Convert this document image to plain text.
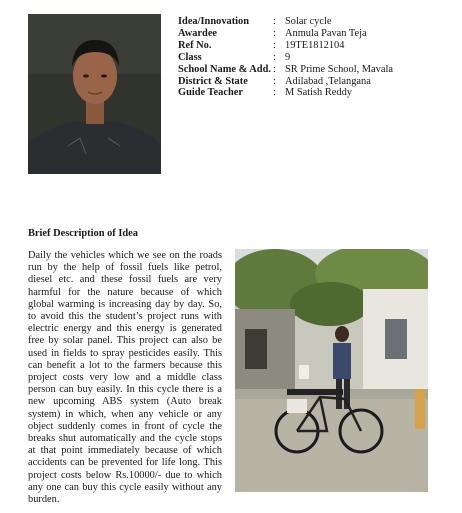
Idea/Innovation	: Solar cycle
Awardee	: Anmula Pavan Teja
Ref No.	: 19TE1812104
Class	: 9
School Name & Add. : SR Prime School, Mavala
District & State	: Adilabad ,Telangana
Guide Teacher	: M Satish Reddy
Brief Description of Idea

Daily the vehicles which we see on the roads run by the help of fossil fuels like petrol, diesel etc. and these fossil fuels are very harmful for the nature because of which global warming is increasing day by day. So, to avoid this the student’s project runs with electric energy and this energy is generated free by solar panel. This project can also be used in fields to spray pesticides easily. This can benefit a lot to the farmers because this project costs very low and a middle class person can buy easily. In this cycle there is a new upcoming ABS system (Auto break system) in which, when any vehicle or any object suddenly comes in front of cycle the breaks shut automatically and the cycle stops at that point immediately because of which accidents can be prevented for life long. This project costs below Rs.10000/- due to which any one can buy this cycle easily without any burden.
